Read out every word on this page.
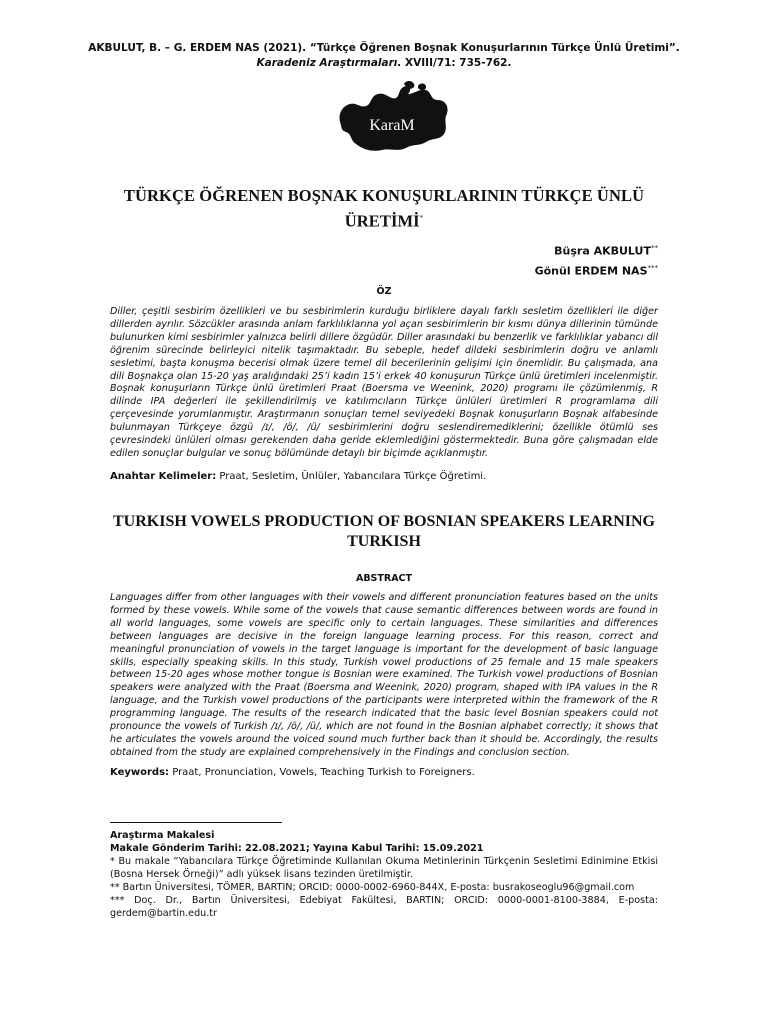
AKBULUT, B. – G. ERDEM NAS (2021). “Türkçe Öğrenen Boşnak Konuşurlarının Türkçe Ünlü Üretimi”.
Karadeniz Araştırmaları. XVIII/71: 735-762.
KaraM
TÜRKÇE ÖĞRENEN BOŞNAK KONUŞURLARININ TÜRKÇE ÜNLÜ ÜRETİMİ*
Büşra AKBULUT**
Gönül ERDEM NAS***
ÖZ
Diller, çeşitli sesbirim özellikleri ve bu sesbirimlerin kurduğu birliklere dayalı farklı sesletim özellikleri ile diğer dillerden ayrılır. Sözcükler arasında anlam farklılıklarına yol açan sesbirimlerin bir kısmı dünya dillerinin tümünde bulunurken kimi sesbirimler yalnızca belirli dillere özgüdür. Diller arasındaki bu benzerlik ve farklılıklar yabancı dil öğrenim sürecinde belirleyici nitelik taşımaktadır. Bu sebeple, hedef dildeki sesbirimlerin doğru ve anlamlı sesletimi, başta konuşma becerisi olmak üzere temel dil becerilerinin gelişimi için önemlidir. Bu çalışmada, ana dili Boşnakça olan 15-20 yaş aralığındaki 25’i kadın 15’i erkek 40 konuşurun Türkçe ünlü üretimleri incelenmiştir. Boşnak konuşurların Türkçe ünlü üretimleri Praat (Boersma ve Weenink, 2020) programı ile çözümlenmiş, R dilinde IPA değerleri ile şekillendirilmiş ve katılımcıların Türkçe ünlüleri üretimleri R programlama dili çerçevesinde yorumlanmıştır. Araştırmanın sonuçları temel seviyedeki Boşnak konuşurların Boşnak alfabesinde bulunmayan Türkçeye özgü /ɪ/, /ö/, /ü/ sesbirimlerini doğru seslendiremediklerini; özellikle ötümlü ses çevresindeki ünlüleri olması gerekenden daha geride eklemlediğini göstermektedir. Buna göre çalışmadan elde edilen sonuçlar bulgular ve sonuç bölümünde detaylı bir biçimde açıklanmıştır.
Anahtar Kelimeler: Praat, Sesletim, Ünlüler, Yabancılara Türkçe Öğretimi.
TURKISH VOWELS PRODUCTION OF BOSNIAN SPEAKERS LEARNING TURKISH
ABSTRACT
Languages differ from other languages with their vowels and different pronunciation features based on the units formed by these vowels. While some of the vowels that cause semantic differences between words are found in all world languages, some vowels are specific only to certain languages. These similarities and differences between languages are decisive in the foreign language learning process. For this reason, correct and meaningful pronunciation of vowels in the target language is important for the development of basic language skills, especially speaking skills. In this study, Turkish vowel productions of 25 female and 15 male speakers between 15-20 ages whose mother tongue is Bosnian were examined. The Turkish vowel productions of Bosnian speakers were analyzed with the Praat (Boersma and Weenink, 2020) program, shaped with IPA values in the R language, and the Turkish vowel productions of the participants were interpreted within the framework of the R programming language. The results of the research indicated that the basic level Bosnian speakers could not pronounce the vowels of Turkish /ɪ/, /ö/, /ü/, which are not found in the Bosnian alphabet correctly; it shows that he articulates the vowels around the voiced sound much further back than it should be. Accordingly, the results obtained from the study are explained comprehensively in the Findings and conclusion section.
Keywords: Praat, Pronunciation, Vowels, Teaching Turkish to Foreigners.
Araştırma Makalesi
Makale Gönderim Tarihi: 22.08.2021; Yayına Kabul Tarihi: 15.09.2021
* Bu makale “Yabancılara Türkçe Öğretiminde Kullanılan Okuma Metinlerinin Türkçenin Sesletimi Edinimine Etkisi (Bosna Hersek Örneği)” adlı yüksek lisans tezinden üretilmiştir.
** Bartın Üniversitesi, TÖMER, BARTIN; ORCID: 0000-0002-6960-844X, E-posta: busrakoseoglu96@gmail.com
*** Doç. Dr., Bartın Üniversitesi, Edebiyat Fakültesi, BARTIN; ORCID: 0000-0001-8100-3884, E-posta: gerdem@bartin.edu.tr
